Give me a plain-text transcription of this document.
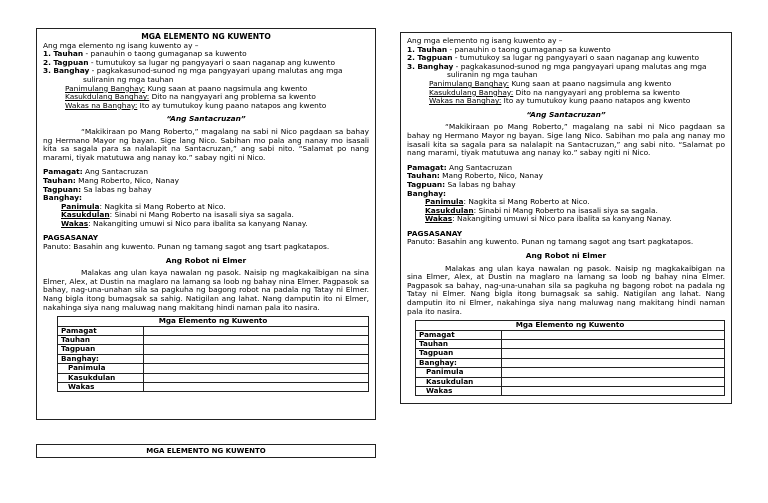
MGA ELEMENTO NG KUWENTO
Ang mga elemento ng isang kuwento ay –
1. Tauhan - panauhin o taong gumaganap sa kuwento
2. Tagpuan - tumutukoy sa lugar ng pangyayari o saan naganap ang kuwento
3. Banghay - pagkakasunod-sunod ng mga pangyayari upang malutas ang mga
suliranin ng mga tauhan
Panimulang Banghay: Kung saan at paano nagsimula ang kwento
Kasukdulang Banghay: Dito na nangyayari ang problema sa kwento
Wakas na Banghay: Ito ay tumutukoy kung paano natapos ang kwento
“Ang Santacruzan”
“Makikiraan po Mang Roberto,” magalang na sabi ni Nico pagdaan sa bahay ng Hermano Mayor ng bayan. Sige lang Nico. Sabihan mo pala ang nanay mo isasali kita sa sagala para sa nalalapit na Santacruzan,” ang sabi nito. “Salamat po nang marami, tiyak matutuwa ang nanay ko.” sabay ngiti ni Nico.
Pamagat: Ang Santacruzan
Tauhan: Mang Roberto, Nico, Nanay
Tagpuan: Sa labas ng bahay
Banghay:
Panimula: Nagkita si Mang Roberto at Nico.
Kasukdulan: Sinabi ni Mang Roberto na isasali siya sa sagala.
Wakas: Nakangiting umuwi si Nico para ibalita sa kanyang Nanay.
PAGSASANAY
Panuto: Basahin ang kuwento. Punan ng tamang sagot ang tsart pagkatapos.
Ang Robot ni Elmer
Malakas ang ulan kaya nawalan ng pasok. Naisip ng magkakaibigan na sina Elmer, Alex, at Dustin na maglaro na lamang sa loob ng bahay nina Elmer. Pagpasok sa bahay, nag-una-unahan sila sa pagkuha ng bagong robot na padala ng Tatay ni Elmer. Nang bigla itong bumagsak sa sahig. Natigilan ang lahat. Nang damputin ito ni Elmer, nakahinga siya nang maluwag nang makitang hindi naman pala ito nasira.
Mga Elemento ng Kuwento	
Pamagat	
Tauhan	
Tagpuan	
Banghay:	
Panimula	
Kasukdulan	
Wakas	
Ang mga elemento ng isang kuwento ay –
1. Tauhan - panauhin o taong gumaganap sa kuwento
2. Tagpuan - tumutukoy sa lugar ng pangyayari o saan naganap ang kuwento
3. Banghay - pagkakasunod-sunod ng mga pangyayari upang malutas ang mga
suliranin ng mga tauhan
Panimulang Banghay: Kung saan at paano nagsimula ang kwento
Kasukdulang Banghay: Dito na nangyayari ang problema sa kwento
Wakas na Banghay: Ito ay tumutukoy kung paano natapos ang kwento
“Ang Santacruzan”
“Makikiraan po Mang Roberto,” magalang na sabi ni Nico pagdaan sa bahay ng Hermano Mayor ng bayan. Sige lang Nico. Sabihan mo pala ang nanay mo isasali kita sa sagala para sa nalalapit na Santacruzan,” ang sabi nito. “Salamat po nang marami, tiyak matutuwa ang nanay ko.” sabay ngiti ni Nico.
Pamagat: Ang Santacruzan
Tauhan: Mang Roberto, Nico, Nanay
Tagpuan: Sa labas ng bahay
Banghay:
Panimula: Nagkita si Mang Roberto at Nico.
Kasukdulan: Sinabi ni Mang Roberto na isasali siya sa sagala.
Wakas: Nakangiting umuwi si Nico para ibalita sa kanyang Nanay.
PAGSASANAY
Panuto: Basahin ang kuwento. Punan ng tamang sagot ang tsart pagkatapos.
Ang Robot ni Elmer
Malakas ang ulan kaya nawalan ng pasok. Naisip ng magkakaibigan na sina Elmer, Alex, at Dustin na maglaro na lamang sa loob ng bahay nina Elmer. Pagpasok sa bahay, nag-una-unahan sila sa pagkuha ng bagong robot na padala ng Tatay ni Elmer. Nang bigla itong bumagsak sa sahig. Natigilan ang lahat. Nang damputin ito ni Elmer, nakahinga siya nang maluwag nang makitang hindi naman pala ito nasira.
Mga Elemento ng Kuwento	
Pamagat	
Tauhan	
Tagpuan	
Banghay:	
Panimula	
Kasukdulan	
Wakas	
MGA ELEMENTO NG KUWENTO
